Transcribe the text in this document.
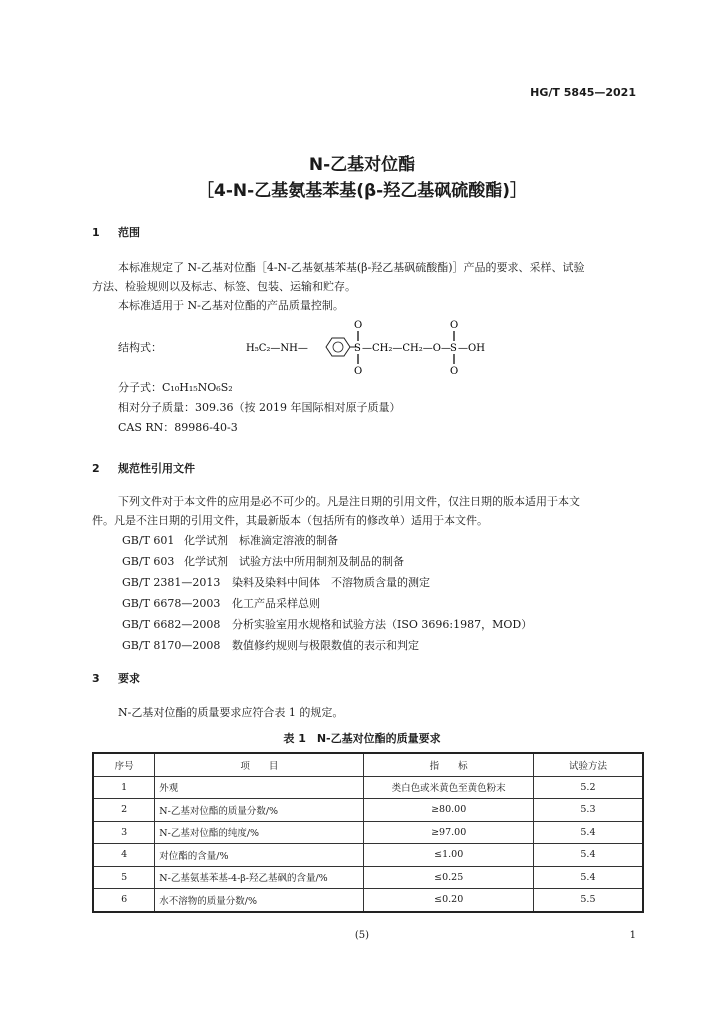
HG/T 5845—2021
N-乙基对位酯
［4-N-乙基氨基苯基(β-羟乙基砜硫酸酯)］
1 范围
本标准规定了 N-乙基对位酯［4-N-乙基氨基苯基(β-羟乙基砜硫酸酯)］产品的要求、采样、试验
方法、检验规则以及标志、标签、包装、运输和贮存。
本标准适用于 N-乙基对位酯的产品质量控制。
结构式：	H₅C₂—NH—
O
S
O
—CH₂—CH₂—O—
O
S
O
—OH
分子式：C₁₀H₁₅NO₆S₂
相对分子质量：309.36（按 2019 年国际相对原子质量）
CAS RN：89986-40-3
2 规范性引用文件
下列文件对于本文件的应用是必不可少的。凡是注日期的引用文件，仅注日期的版本适用于本文
件。凡是不注日期的引用文件，其最新版本（包括所有的修改单）适用于本文件。
GB/T 601 化学试剂　标准滴定溶液的制备
GB/T 603 化学试剂　试验方法中所用制剂及制品的制备
GB/T 2381—2013 染料及染料中间体　不溶物质含量的测定
GB/T 6678—2003 化工产品采样总则
GB/T 6682—2008 分析实验室用水规格和试验方法（ISO 3696:1987，MOD）
GB/T 8170—2008 数值修约规则与极限数值的表示和判定
3 要求
N-乙基对位酯的质量要求应符合表 1 的规定。
表 1　N-乙基对位酯的质量要求
序号	项　　目	指　　标	试验方法
1	外观	类白色或米黄色至黄色粉末	5.2
2	N-乙基对位酯的质量分数/%	≥80.00	5.3
3	N-乙基对位酯的纯度/%	≥97.00	5.4
4	对位酯的含量/%	≤1.00	5.4
5	N-乙基氨基苯基-4-β-羟乙基砜的含量/%	≤0.25	5.4
6	水不溶物的质量分数/%	≤0.20	5.5
(5)	1
